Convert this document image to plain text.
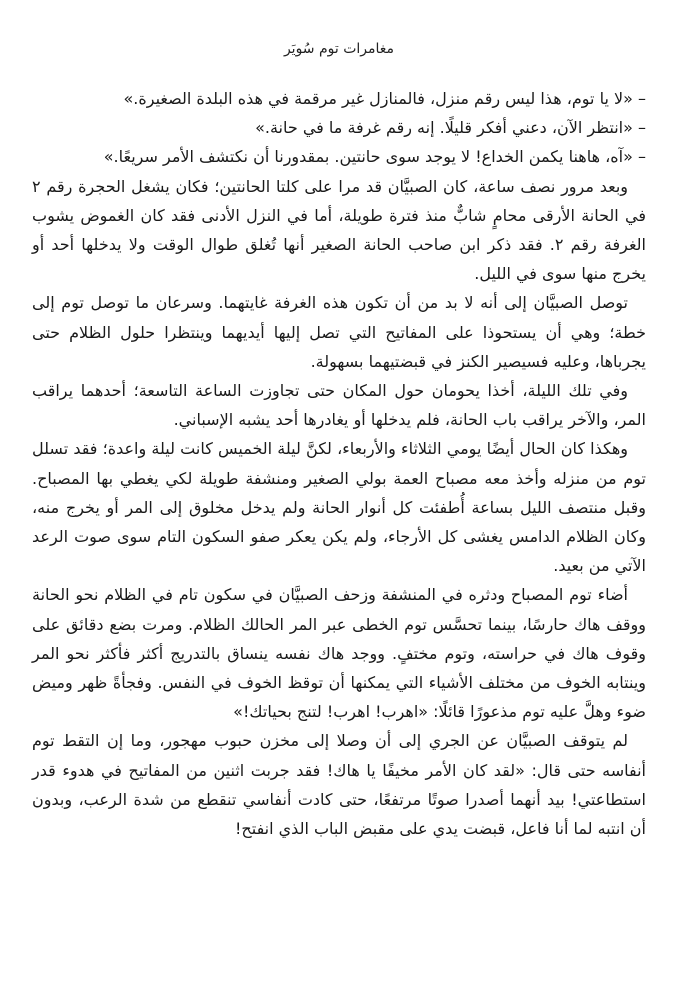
مغامرات توم سُويَر

– «لا يا توم، هذا ليس رقم منزل، فالمنازل غير مرقمة في هذه البلدة الصغيرة.»

– «انتظر الآن، دعني أفكر قليلًا. إنه رقم غرفة ما في حانة.»

– «آه، هاهنا يكمن الخداع! لا يوجد سوى حانتين. بمقدورنا أن نكتشف الأمر سريعًا.»

وبعد مرور نصف ساعة، كان الصبيَّان قد مرا على كلتا الحانتين؛ فكان يشغل الحجرة رقم ٢ في الحانة الأرقى محامٍ شابٌّ منذ فترة طويلة، أما في النزل الأدنى فقد كان الغموض يشوب الغرفة رقم ٢. فقد ذكر ابن صاحب الحانة الصغير أنها تُغلق طوال الوقت ولا يدخلها أحد أو يخرج منها سوى في الليل.

توصل الصبيَّان إلى أنه لا بد من أن تكون هذه الغرفة غايتهما. وسرعان ما توصل توم إلى خطة؛ وهي أن يستحوذا على المفاتيح التي تصل إليها أيديهما وينتظرا حلول الظلام حتى يجرباها، وعليه فسيصير الكنز في قبضتيهما بسهولة.

وفي تلك الليلة، أخذا يحومان حول المكان حتى تجاوزت الساعة التاسعة؛ أحدهما يراقب المر، والآخر يراقب باب الحانة، فلم يدخلها أو يغادرها أحد يشبه الإسباني.

وهكذا كان الحال أيضًا يومي الثلاثاء والأربعاء، لكنَّ ليلة الخميس كانت ليلة واعدة؛ فقد تسلل توم من منزله وأخذ معه مصباح العمة بولي الصغير ومنشفة طويلة لكي يغطي بها المصباح. وقبل منتصف الليل بساعة أُطفئت كل أنوار الحانة ولم يدخل مخلوق إلى المر أو يخرج منه، وكان الظلام الدامس يغشى كل الأرجاء، ولم يكن يعكر صفو السكون التام سوى صوت الرعد الآتي من بعيد.

أضاء توم المصباح ودثره في المنشفة وزحف الصبيَّان في سكون تام في الظلام نحو الحانة ووقف هاك حارسًا، بينما تحسَّس توم الخطى عبر المر الحالك الظلام. ومرت بضع دقائق على وقوف هاك في حراسته، وتوم مختفٍ. ووجد هاك نفسه ينساق بالتدريج أكثر فأكثر نحو المر وينتابه الخوف من مختلف الأشياء التي يمكنها أن توقظ الخوف في النفس. وفجأةً ظهر وميض ضوء وهلَّ عليه توم مذعورًا قائلًا: «اهرب! اهرب! لتنج بحياتك!»

لم يتوقف الصبيَّان عن الجري إلى أن وصلا إلى مخزن حبوب مهجور، وما إن التقط توم أنفاسه حتى قال: «لقد كان الأمر مخيفًا يا هاك! فقد جربت اثنين من المفاتيح في هدوء قدر استطاعتي! بيد أنهما أصدرا صوتًا مرتفعًا، حتى كادت أنفاسي تنقطع من شدة الرعب، وبدون أن انتبه لما أنا فاعل، قبضت يدي على مقبض الباب الذي انفتح!
